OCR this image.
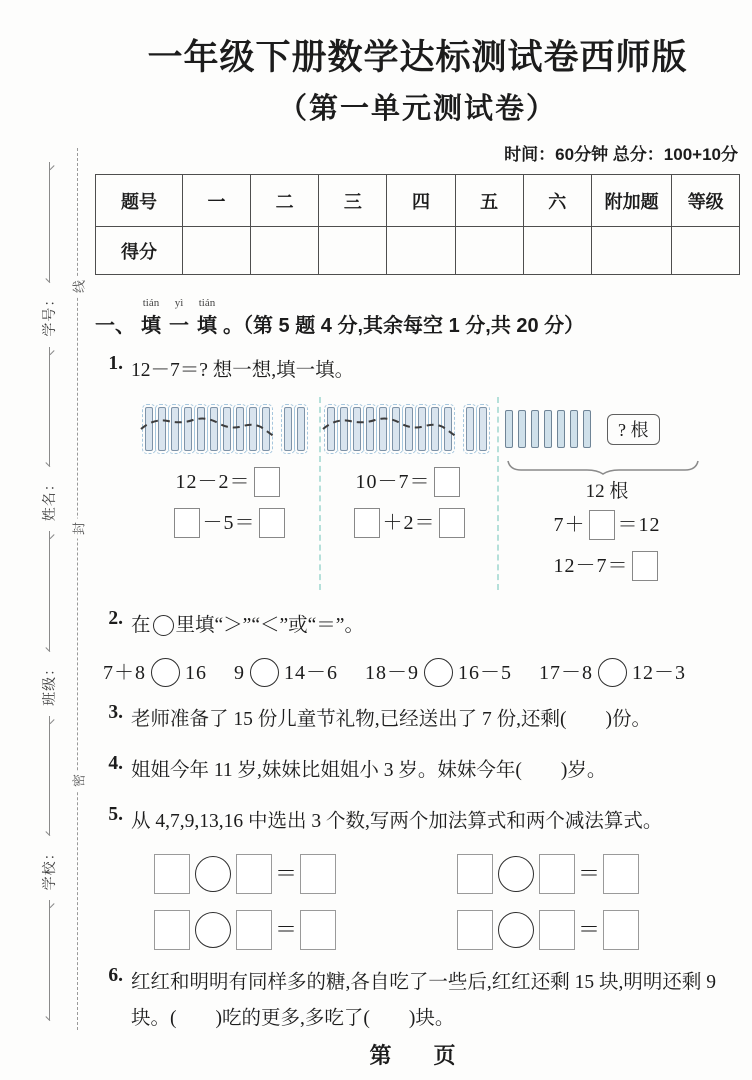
线
封
密
学校：
班级：
姓名：
学号：
一年级下册数学达标测试卷西师版
（第一单元测试卷）
时间：60分钟 总分：100+10分
题号	一	二	三	四	五	六	附加题	等级
得分								
一、
tián
填
yì
一
tián
填 。（第 5 题 4 分,其余每空 1 分,共 20 分）
1. 12－7＝? 想一想,填一填。
12－2＝
－5＝
10－7＝
＋2＝
? 根
12 根
7＋ ＝12
12－7＝
2. 在 里填“＞”“＜”或“＝”。
7＋8 16 9 14－6 18－9 16－5 17－8 12－3
3. 老师准备了 15 份儿童节礼物,已经送出了 7 份,还剩(　　)份。
4. 姐姐今年 11 岁,妹妹比姐姐小 3 岁。妹妹今年(　　)岁。
5. 从 4,7,9,13,16 中选出 3 个数,写两个加法算式和两个减法算式。
＝	＝
＝	＝
6. 红红和明明有同样多的糖,各自吃了一些后,红红还剩 15 块,明明还剩 9 块。(　　)吃的更多,多吃了(　　)块。
第　页
